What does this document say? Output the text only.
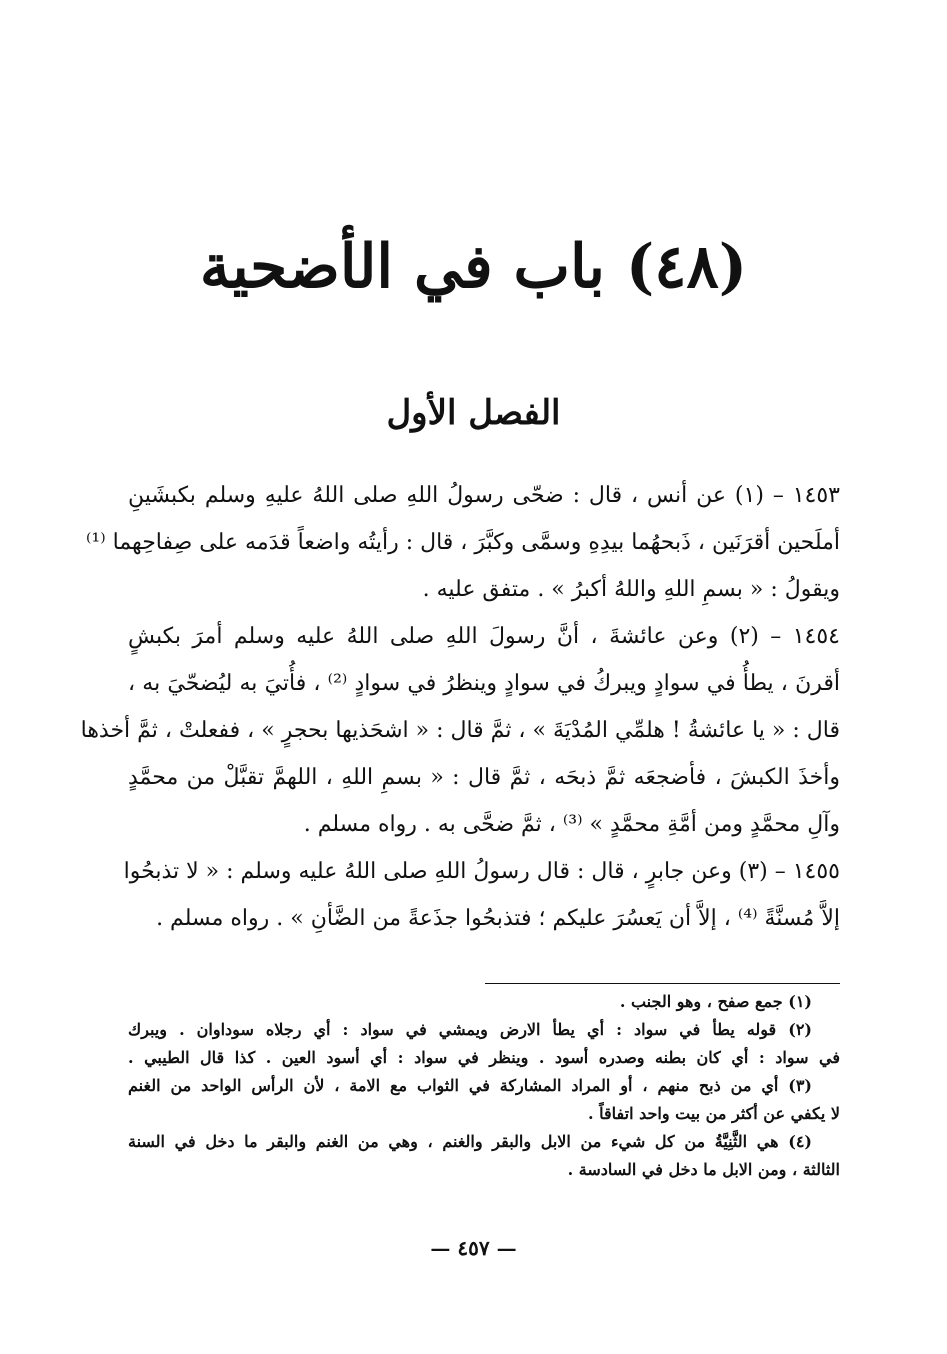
(٤٨) باب في الأضحية
الفصل الأول
١٤٥٣ – (١) عن أنس ، قال : ضحّى رسولُ اللهِ صلى اللهُ عليهِ وسلم بكبشَينِ
أملَحين أقرَنَين ، ذَبحهُما بيدِهِ وسمَّى وكبَّرَ ، قال : رأيتُه واضعاً قدَمه على صِفاحِهما ⁽¹⁾
ويقولُ : « بسمِ اللهِ واللهُ أكبرُ » . متفق عليه .
١٤٥٤ – (٢) وعن عائشةَ ، أنَّ رسولَ اللهِ صلى اللهُ عليه وسلم أمرَ بكبشٍ
أقرنَ ، يطأُ في سوادٍ ويبركُ في سوادٍ وينظرُ في سوادٍ ⁽²⁾ ، فأُتيَ به ليُضحّيَ به ،
قال : « يا عائشةُ ! هلمِّي المُدْيَةَ » ، ثمَّ قال : « اشحَذيها بحجرٍ » ، ففعلتْ ، ثمَّ أخذها
وأخذَ الكبشَ ، فأضجعَه ثمَّ ذبحَه ، ثمَّ قال : « بسمِ اللهِ ، اللهمَّ تقبَّلْ من محمَّدٍ
وآلِ محمَّدٍ ومن أمَّةِ محمَّدٍ » ⁽³⁾ ، ثمَّ ضحَّى به . رواه مسلم .
١٤٥٥ – (٣) وعن جابرٍ ، قال : قال رسولُ اللهِ صلى اللهُ عليه وسلم : « لا تذبحُوا
إلاَّ مُسنَّةً ⁽⁴⁾ ، إلاَّ أن يَعسُرَ عليكم ؛ فتذبحُوا جذَعةً من الضَّأنِ » . رواه مسلم .
(١) جمع صفح ، وهو الجنب .
(٢) قوله يطأ في سواد : أي يطأ الارض ويمشي في سواد : أي رجلاه سوداوان . ويبرك
في سواد : أي كان بطنه وصدره أسود . وينظر في سواد : أي أسود العين . كذا قال الطيبي .
(٣) أي من ذبح منهم ، أو المراد المشاركة في الثواب مع الامة ، لأن الرأس الواحد من الغنم
لا يكفي عن أكثر من بيت واحد اتفاقاً .
(٤) هي الثَّنِيَّةُ من كل شيء من الابل والبقر والغنم ، وهي من الغنم والبقر ما دخل في السنة
الثالثة ، ومن الابل ما دخل في السادسة .
— ٤٥٧ —
